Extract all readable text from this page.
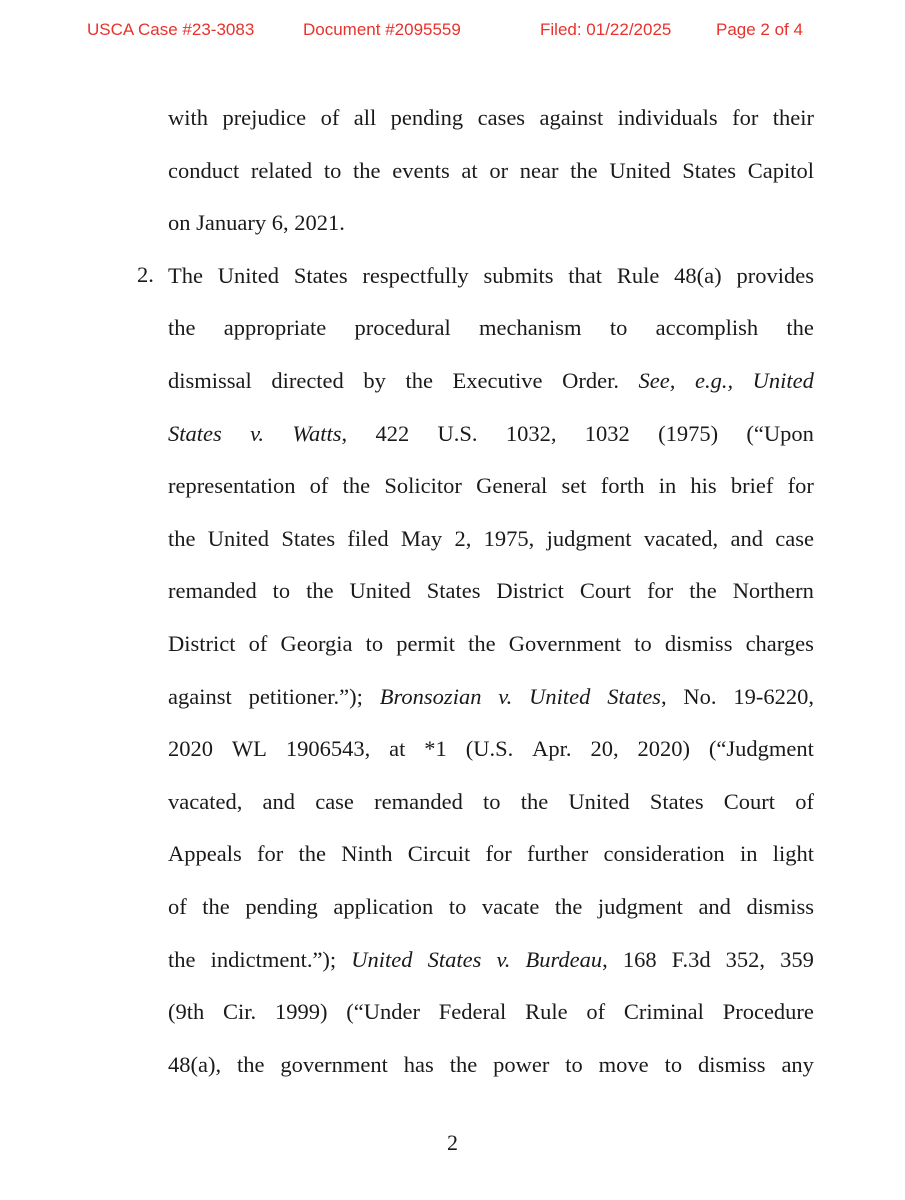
USCA Case #23-3083	Document #2095559	Filed: 01/22/2025	Page 2 of 4
2.
with prejudice of all pending cases against individuals for their
conduct related to the events at or near the United States Capitol
on January 6, 2021.
The United States respectfully submits that Rule 48(a) provides
the appropriate procedural mechanism to accomplish the
dismissal directed by the Executive Order. See, e.g., United
States v. Watts, 422 U.S. 1032, 1032 (1975) (“Upon
representation of the Solicitor General set forth in his brief for
the United States filed May 2, 1975, judgment vacated, and case
remanded to the United States District Court for the Northern
District of Georgia to permit the Government to dismiss charges
against petitioner.”); Bronsozian v. United States, No. 19-6220,
2020 WL 1906543, at *1 (U.S. Apr. 20, 2020) (“Judgment
vacated, and case remanded to the United States Court of
Appeals for the Ninth Circuit for further consideration in light
of the pending application to vacate the judgment and dismiss
the indictment.”); United States v. Burdeau, 168 F.3d 352, 359
(9th Cir. 1999) (“Under Federal Rule of Criminal Procedure
48(a), the government has the power to move to dismiss any
2
